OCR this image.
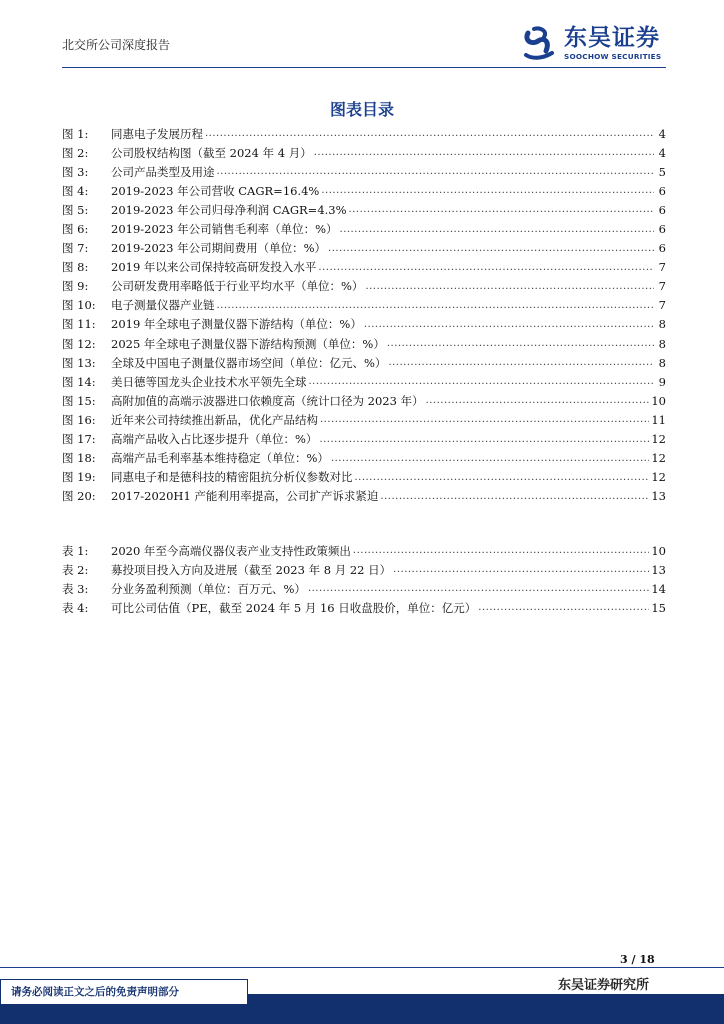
北交所公司深度报告	东吴证券
SOOCHOW SECURITIES
图表目录
图 1:	同惠电子发展历程 .....	4
图 2:	公司股权结构图（截至 2024 年 4 月） .....	4
图 3:	公司产品类型及用途 .....	5
图 4:	2019-2023 年公司营收 CAGR=16.4% .....	6
图 5:	2019-2023 年公司归母净利润 CAGR=4.3% .....	6
图 6:	2019-2023 年公司销售毛利率（单位：%） .....	6
图 7:	2019-2023 年公司期间费用（单位：%） .....	6
图 8:	2019 年以来公司保持较高研发投入水平 .....	7
图 9:	公司研发费用率略低于行业平均水平（单位：%） .....	7
图 10:	电子测量仪器产业链 .....	7
图 11:	2019 年全球电子测量仪器下游结构（单位：%） .....	8
图 12:	2025 年全球电子测量仪器下游结构预测（单位：%） .....	8
图 13:	全球及中国电子测量仪器市场空间（单位：亿元、%） .....	8
图 14:	美日德等国龙头企业技术水平领先全球 .....	9
图 15:	高附加值的高端示波器进口依赖度高（统计口径为 2023 年） .....	10
图 16:	近年来公司持续推出新品，优化产品结构 .....	11
图 17:	高端产品收入占比逐步提升（单位：%） .....	12
图 18:	高端产品毛利率基本维持稳定（单位：%） .....	12
图 19:	同惠电子和是德科技的精密阻抗分析仪参数对比 .....	12
图 20:	2017-2020H1 产能利用率提高，公司扩产诉求紧迫 .....	13
表 1:	2020 年至今高端仪器仪表产业支持性政策频出 .....	10
表 2:	募投项目投入方向及进展（截至 2023 年 8 月 22 日） .....	13
表 3:	分业务盈利预测（单位：百万元、%） .....	14
表 4:	可比公司估值（PE，截至 2024 年 5 月 16 日收盘股价，单位：亿元） .....	15
3 / 18
东吴证券研究所
请务必阅读正文之后的免责声明部分
